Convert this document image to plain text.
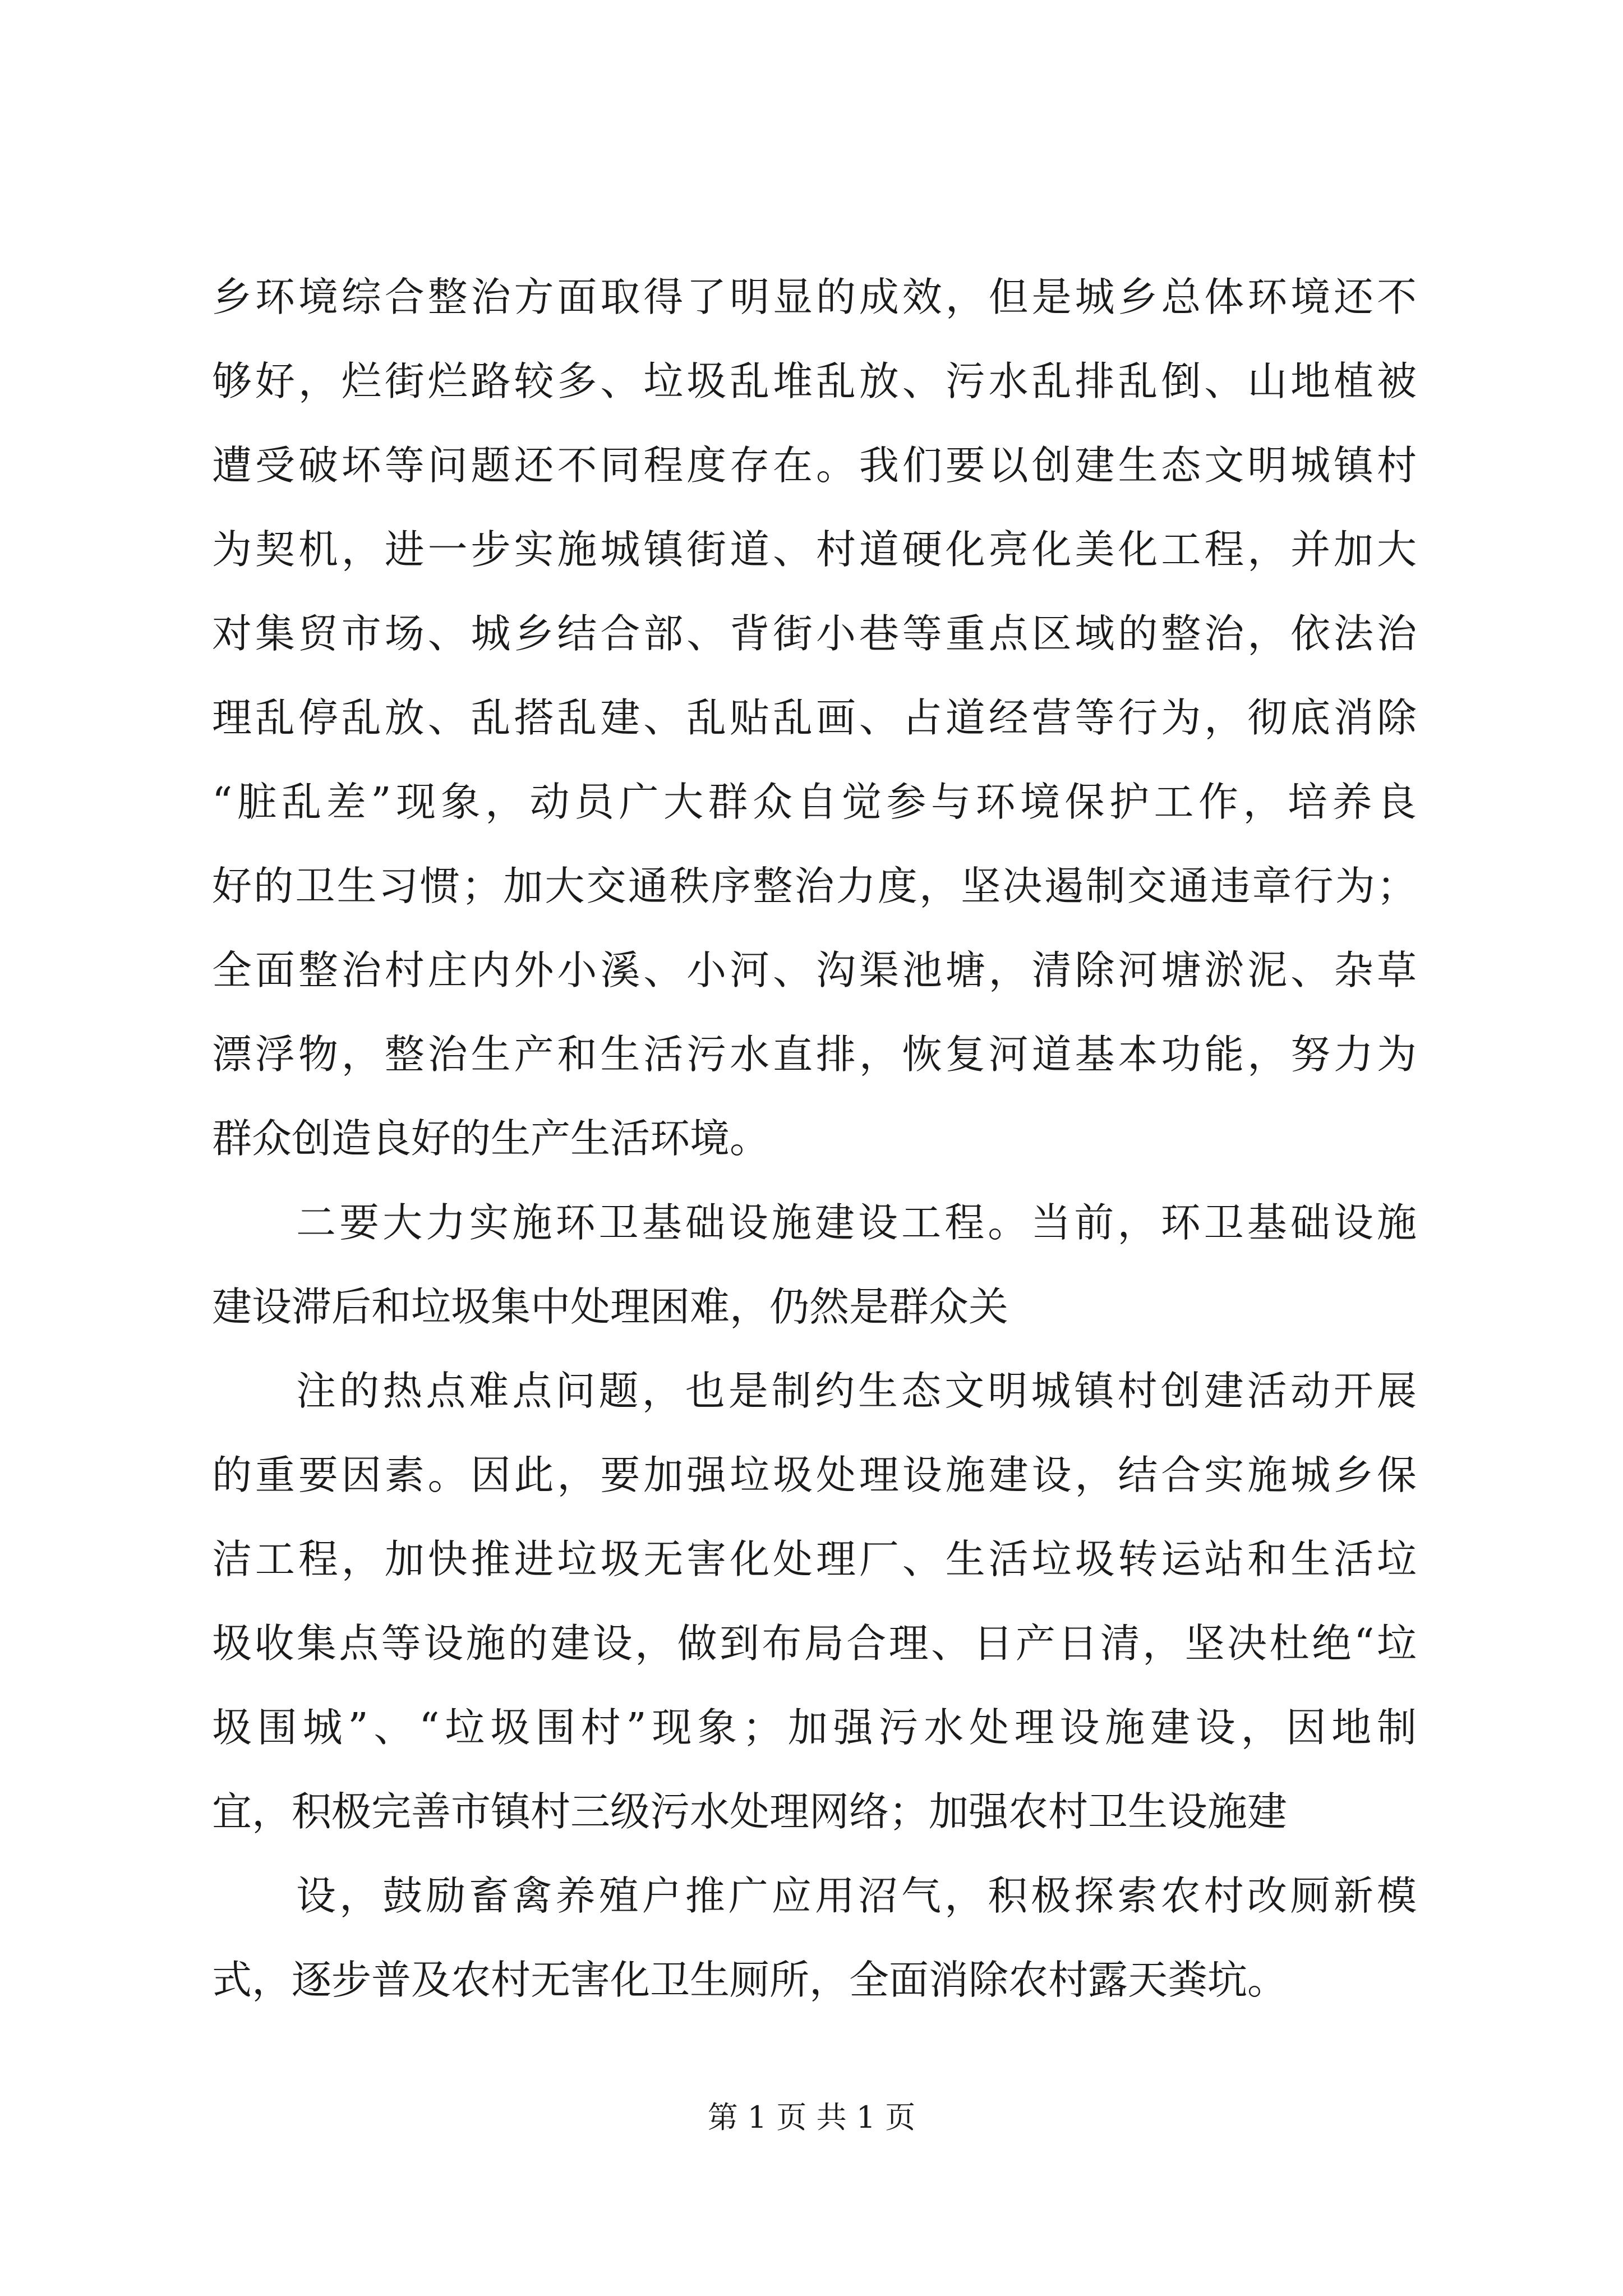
乡环境综合整治方面取得了明显的成效，但是城乡总体环境还不
够好，烂街烂路较多、垃圾乱堆乱放、污水乱排乱倒、山地植被
遭受破坏等问题还不同程度存在。我们要以创建生态文明城镇村
为契机，进一步实施城镇街道、村道硬化亮化美化工程，并加大
对集贸市场、城乡结合部、背街小巷等重点区域的整治，依法治
理乱停乱放、乱搭乱建、乱贴乱画、占道经营等行为，彻底消除
“脏乱差”现象，动员广大群众自觉参与环境保护工作，培养良
好的卫生习惯；加大交通秩序整治力度，坚决遏制交通违章行为；
全面整治村庄内外小溪、小河、沟渠池塘，清除河塘淤泥、杂草
漂浮物，整治生产和生活污水直排，恢复河道基本功能，努力为
群众创造良好的生产生活环境。
二要大力实施环卫基础设施建设工程。当前，环卫基础设施
建设滞后和垃圾集中处理困难，仍然是群众关
注的热点难点问题，也是制约生态文明城镇村创建活动开展
的重要因素。因此，要加强垃圾处理设施建设，结合实施城乡保
洁工程，加快推进垃圾无害化处理厂、生活垃圾转运站和生活垃
圾收集点等设施的建设，做到布局合理、日产日清，坚决杜绝“垃
圾围城”、“垃圾围村”现象；加强污水处理设施建设，因地制
宜，积极完善市镇村三级污水处理网络；加强农村卫生设施建
设，鼓励畜禽养殖户推广应用沼气，积极探索农村改厕新模
式，逐步普及农村无害化卫生厕所，全面消除农村露天粪坑。
第 1 页 共 1 页
